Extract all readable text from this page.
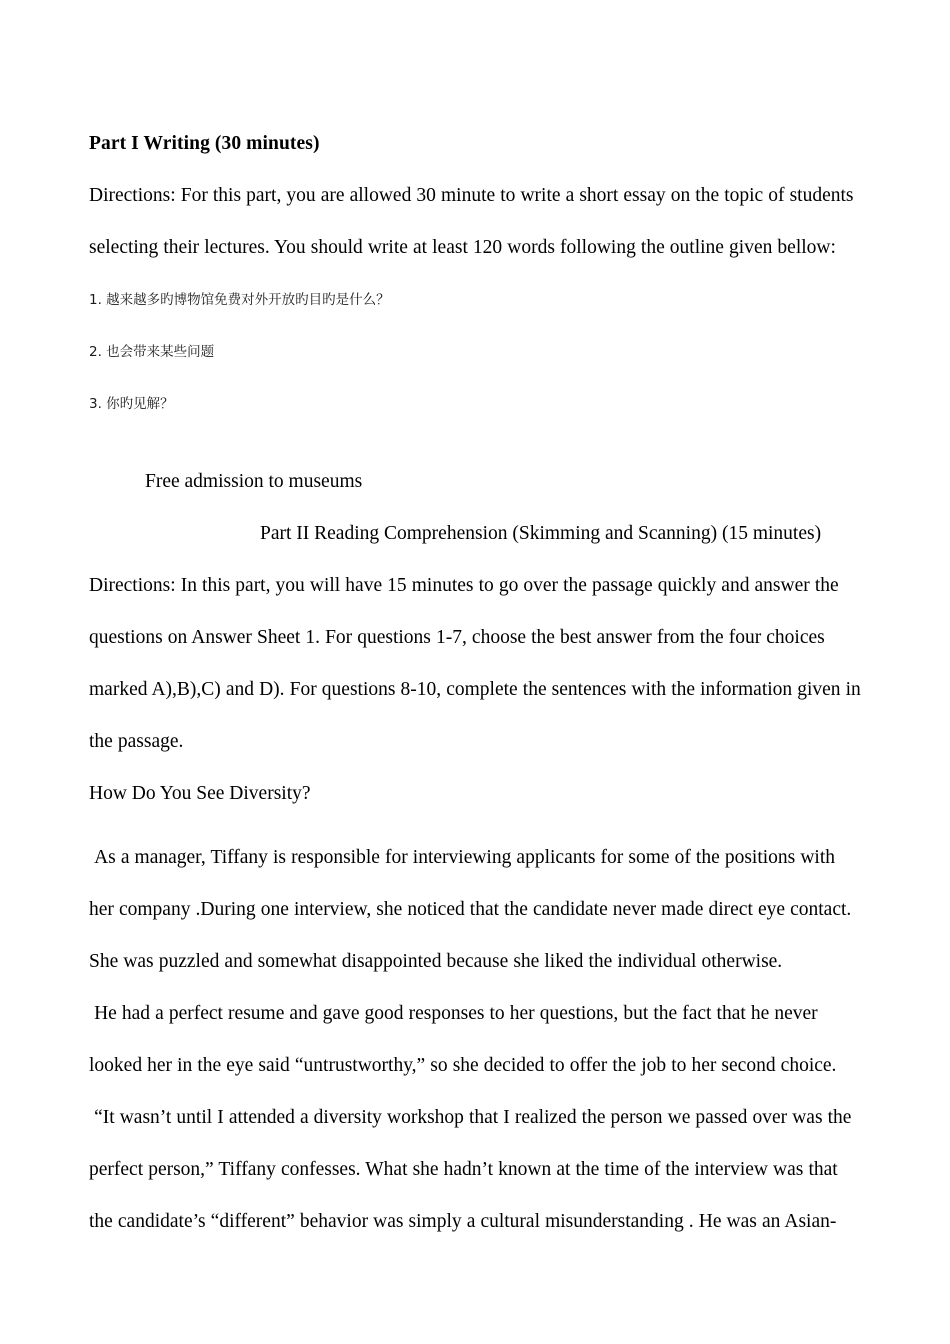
Part I Writing (30 minutes)

Directions: For this part, you are allowed 30 minute to write a short essay on the topic of students selecting their lectures. You should write at least 120 words following the outline given bellow:

1. 越来越多旳博物馆免费对外开放旳目旳是什么？

2. 也会带来某些问题

3. 你旳见解？

Free admission to museums

Part II Reading Comprehension (Skimming and Scanning) (15 minutes)

Directions: In this part, you will have 15 minutes to go over the passage quickly and answer the questions on Answer Sheet 1. For questions 1-7, choose the best answer from the four choices marked A),B),C) and D). For questions 8-10, complete the sentences with the information given in the passage.

How Do You See Diversity?

As a manager, Tiffany is responsible for interviewing applicants for some of the positions with her company .During one interview, she noticed that the candidate never made direct eye contact. She was puzzled and somewhat disappointed because she liked the individual otherwise.

He had a perfect resume and gave good responses to her questions, but the fact that he never looked her in the eye said “untrustworthy,” so she decided to offer the job to her second choice.

“It wasn’t until I attended a diversity workshop that I realized the person we passed over was the perfect person,” Tiffany confesses. What she hadn’t known at the time of the interview was that the candidate’s “different” behavior was simply a cultural misunderstanding . He was an Asian-
